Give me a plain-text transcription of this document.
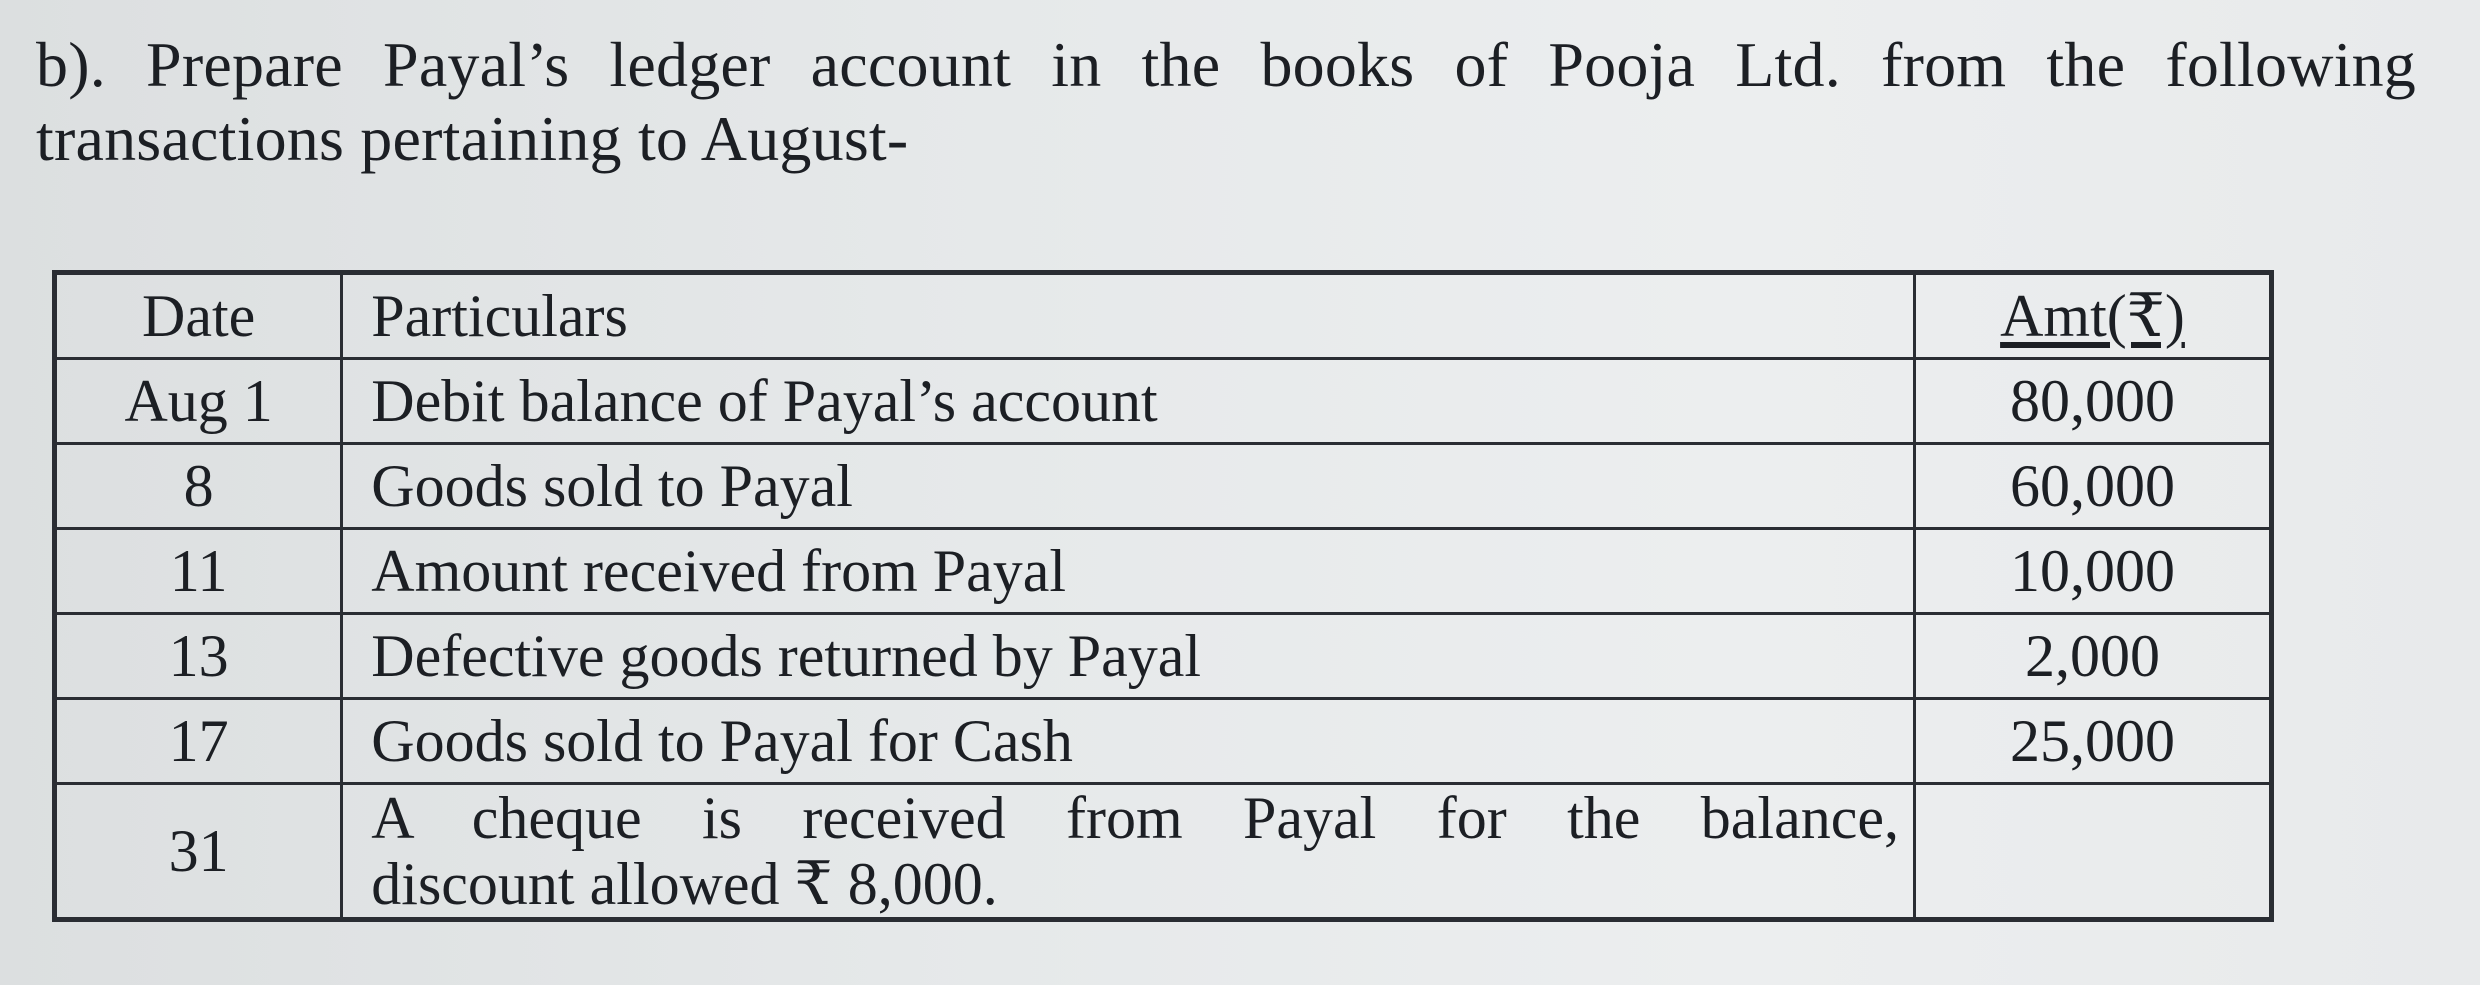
b). Prepare Payal’s ledger account in the books of Pooja Ltd. from the following
transactions pertaining to August-
Date	Particulars	Amt(₹)
Aug 1	Debit balance of Payal’s account	80,000
8	Goods sold to Payal	60,000
11	Amount received from Payal	10,000
13	Defective goods returned by Payal	2,000
17	Goods sold to Payal for Cash	25,000
31	A cheque is received from Payal for the balance,
discount allowed ₹ 8,000.	
